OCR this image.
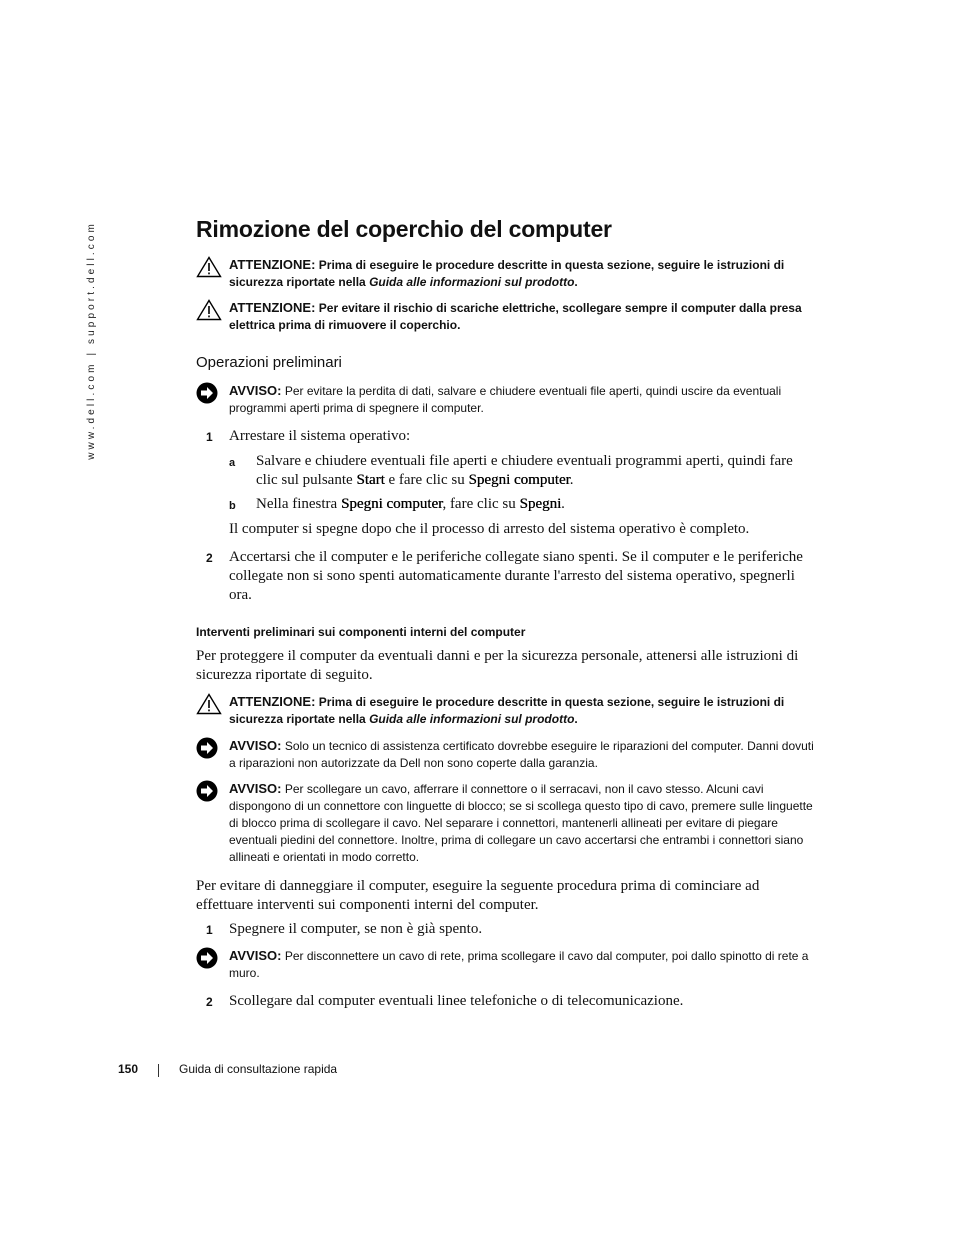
www.dell.com | support.dell.com	Rimozione del coperchio del computer
ATTENZIONE: Prima di eseguire le procedure descritte in questa sezione, seguire le istruzioni di sicurezza riportate nella Guida alle informazioni sul prodotto.
ATTENZIONE: Per evitare il rischio di scariche elettriche, scollegare sempre il computer dalla presa elettrica prima di rimuovere il coperchio.
Operazioni preliminari
AVVISO: Per evitare la perdita di dati, salvare e chiudere eventuali file aperti, quindi uscire da eventuali programmi aperti prima di spegnere il computer.
1 Arrestare il sistema operativo:
a Salvare e chiudere eventuali file aperti e chiudere eventuali programmi aperti, quindi fare clic sul pulsante Start e fare clic su Spegni computer.
b Nella finestra Spegni computer, fare clic su Spegni.
Il computer si spegne dopo che il processo di arresto del sistema operativo è completo.
2 Accertarsi che il computer e le periferiche collegate siano spenti. Se il computer e le periferiche collegate non si sono spenti automaticamente durante l'arresto del sistema operativo, spegnerli ora.
Interventi preliminari sui componenti interni del computer
Per proteggere il computer da eventuali danni e per la sicurezza personale, attenersi alle istruzioni di sicurezza riportate di seguito.
ATTENZIONE: Prima di eseguire le procedure descritte in questa sezione, seguire le istruzioni di sicurezza riportate nella Guida alle informazioni sul prodotto.
AVVISO: Solo un tecnico di assistenza certificato dovrebbe eseguire le riparazioni del computer. Danni dovuti a riparazioni non autorizzate da Dell non sono coperte dalla garanzia.
AVVISO: Per scollegare un cavo, afferrare il connettore o il serracavi, non il cavo stesso. Alcuni cavi dispongono di un connettore con linguette di blocco; se si scollega questo tipo di cavo, premere sulle linguette di blocco prima di scollegare il cavo. Nel separare i connettori, mantenerli allineati per evitare di piegare eventuali piedini del connettore. Inoltre, prima di collegare un cavo accertarsi che entrambi i connettori siano allineati e orientati in modo corretto.
Per evitare di danneggiare il computer, eseguire la seguente procedura prima di cominciare ad effettuare interventi sui componenti interni del computer.
1 Spegnere il computer, se non è già spento.
AVVISO: Per disconnettere un cavo di rete, prima scollegare il cavo dal computer, poi dallo spinotto di rete a muro.
2 Scollegare dal computer eventuali linee telefoniche o di telecomunicazione.
150	Guida di consultazione rapida
